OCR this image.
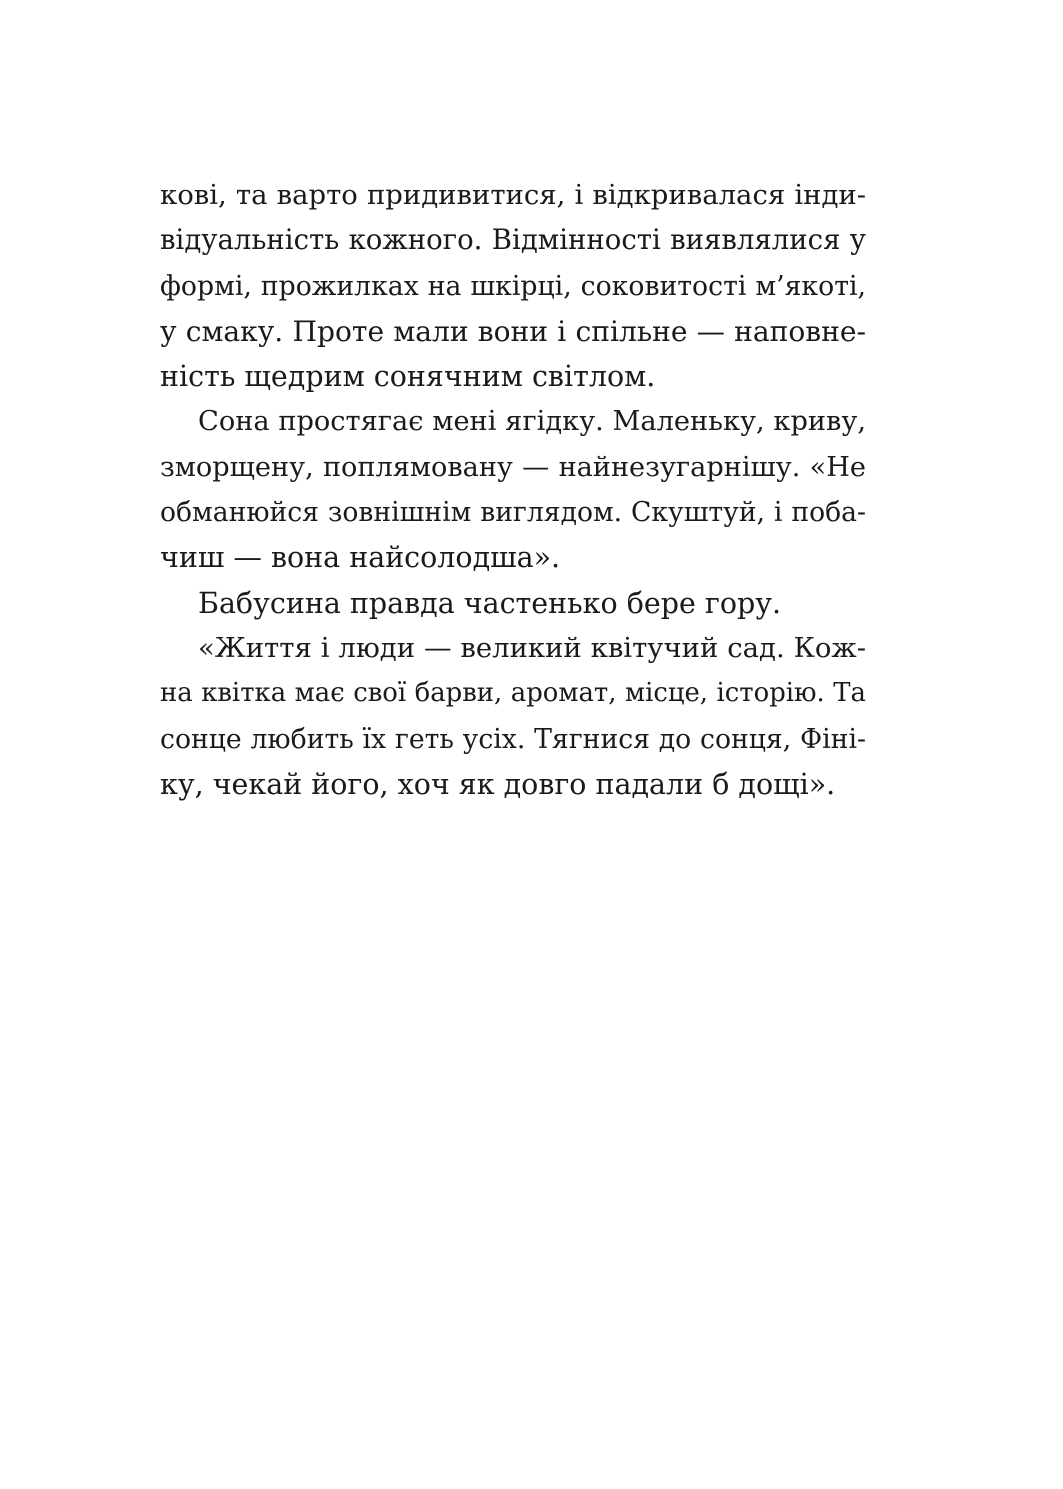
кові, та варто придивитися, і відкривалася інди-
відуальність кожного. Відмінності виявлялися у
формі, прожилках на шкірці, соковитості м’якоті,
у смаку. Проте мали вони і спільне — наповне-
ність щедрим сонячним світлом.
Сона простягає мені ягідку. Маленьку, криву,
зморщену, поплямовану — найнезугарнішу. «Не
обманюйся зовнішнім виглядом. Скуштуй, і поба-
чиш — вона найсолодша».
Бабусина правда частенько бере гору.
«Життя і люди — великий квітучий сад. Кож-
на квітка має свої барви, аромат, місце, історію. Та
сонце любить їх геть усіх. Тягнися до сонця, Фіні-
ку, чекай його, хоч як довго падали б дощі».
